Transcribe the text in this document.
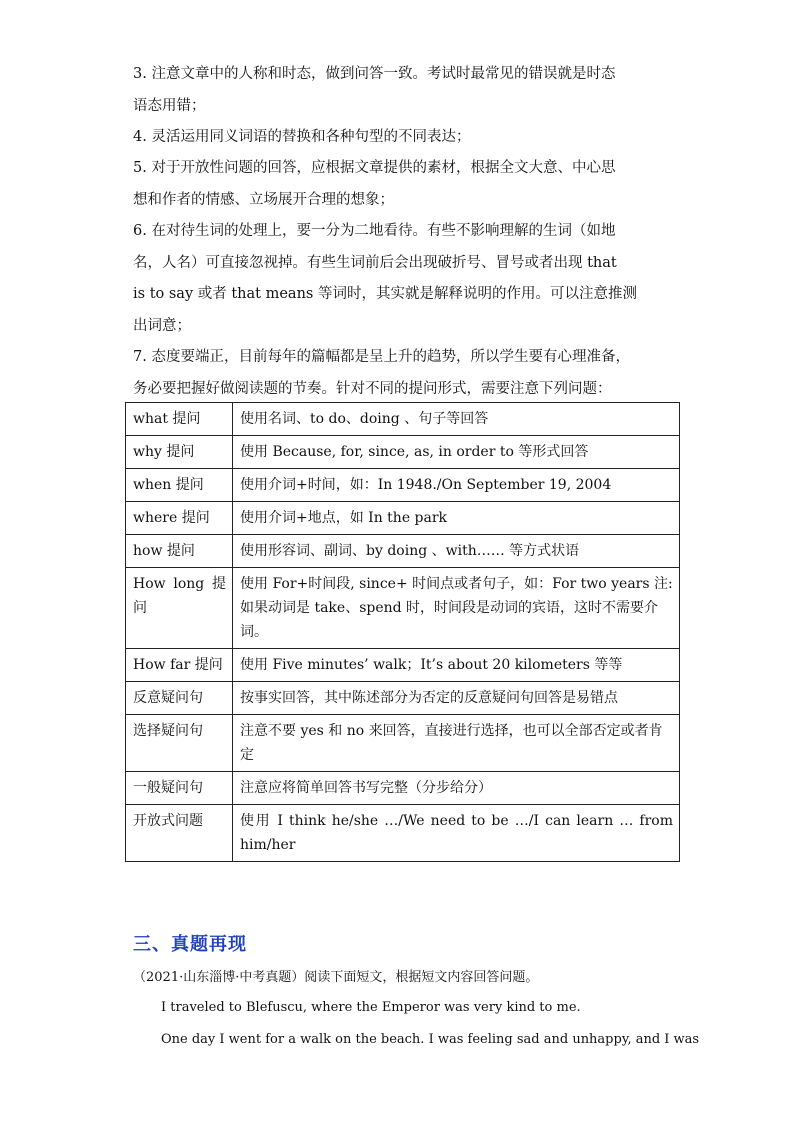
3. 注意文章中的人称和时态，做到问答一致。考试时最常见的错误就是时态
语态用错；
4. 灵活运用同义词语的替换和各种句型的不同表达；
5. 对于开放性问题的回答，应根据文章提供的素材，根据全文大意、中心思
想和作者的情感、立场展开合理的想象；
6. 在对待生词的处理上，要一分为二地看待。有些不影响理解的生词（如地
名，人名）可直接忽视掉。有些生词前后会出现破折号、冒号或者出现 that
is to say 或者 that means 等词时，其实就是解释说明的作用。可以注意推测
出词意；
7. 态度要端正，目前每年的篇幅都是呈上升的趋势，所以学生要有心理准备，
务必要把握好做阅读题的节奏。针对不同的提问形式，需要注意下列问题：
what 提问	使用名词、to do、doing 、句子等回答
why 提问	使用 Because, for, since, as, in order to 等形式回答
when 提问	使用介词+时间，如：In 1948./On September 19, 2004
where 提问	使用介词+地点，如 In the park
how 提问	使用形容词、副词、by doing 、with…… 等方式状语
How long 提问	使用 For+时间段, since+ 时间点或者句子，如：For two years 注: 如果动词是 take、spend 时，时间段是动词的宾语，这时不需要介词。
How far 提问	使用 Five minutes’ walk；It’s about 20 kilometers 等等
反意疑问句	按事实回答，其中陈述部分为否定的反意疑问句回答是易错点
选择疑问句	注意不要 yes 和 no 来回答，直接进行选择，也可以全部否定或者肯定
一般疑问句	注意应将简单回答书写完整（分步给分）
开放式问题	使用 I think he/she …/We need to be …/I can learn … from him/her
三、真题再现
（2021·山东淄博·中考真题）阅读下面短文，根据短文内容回答问题。
I traveled to Blefuscu, where the Emperor was very kind to me.
One day I went for a walk on the beach. I was feeling sad and unhappy, and I was
